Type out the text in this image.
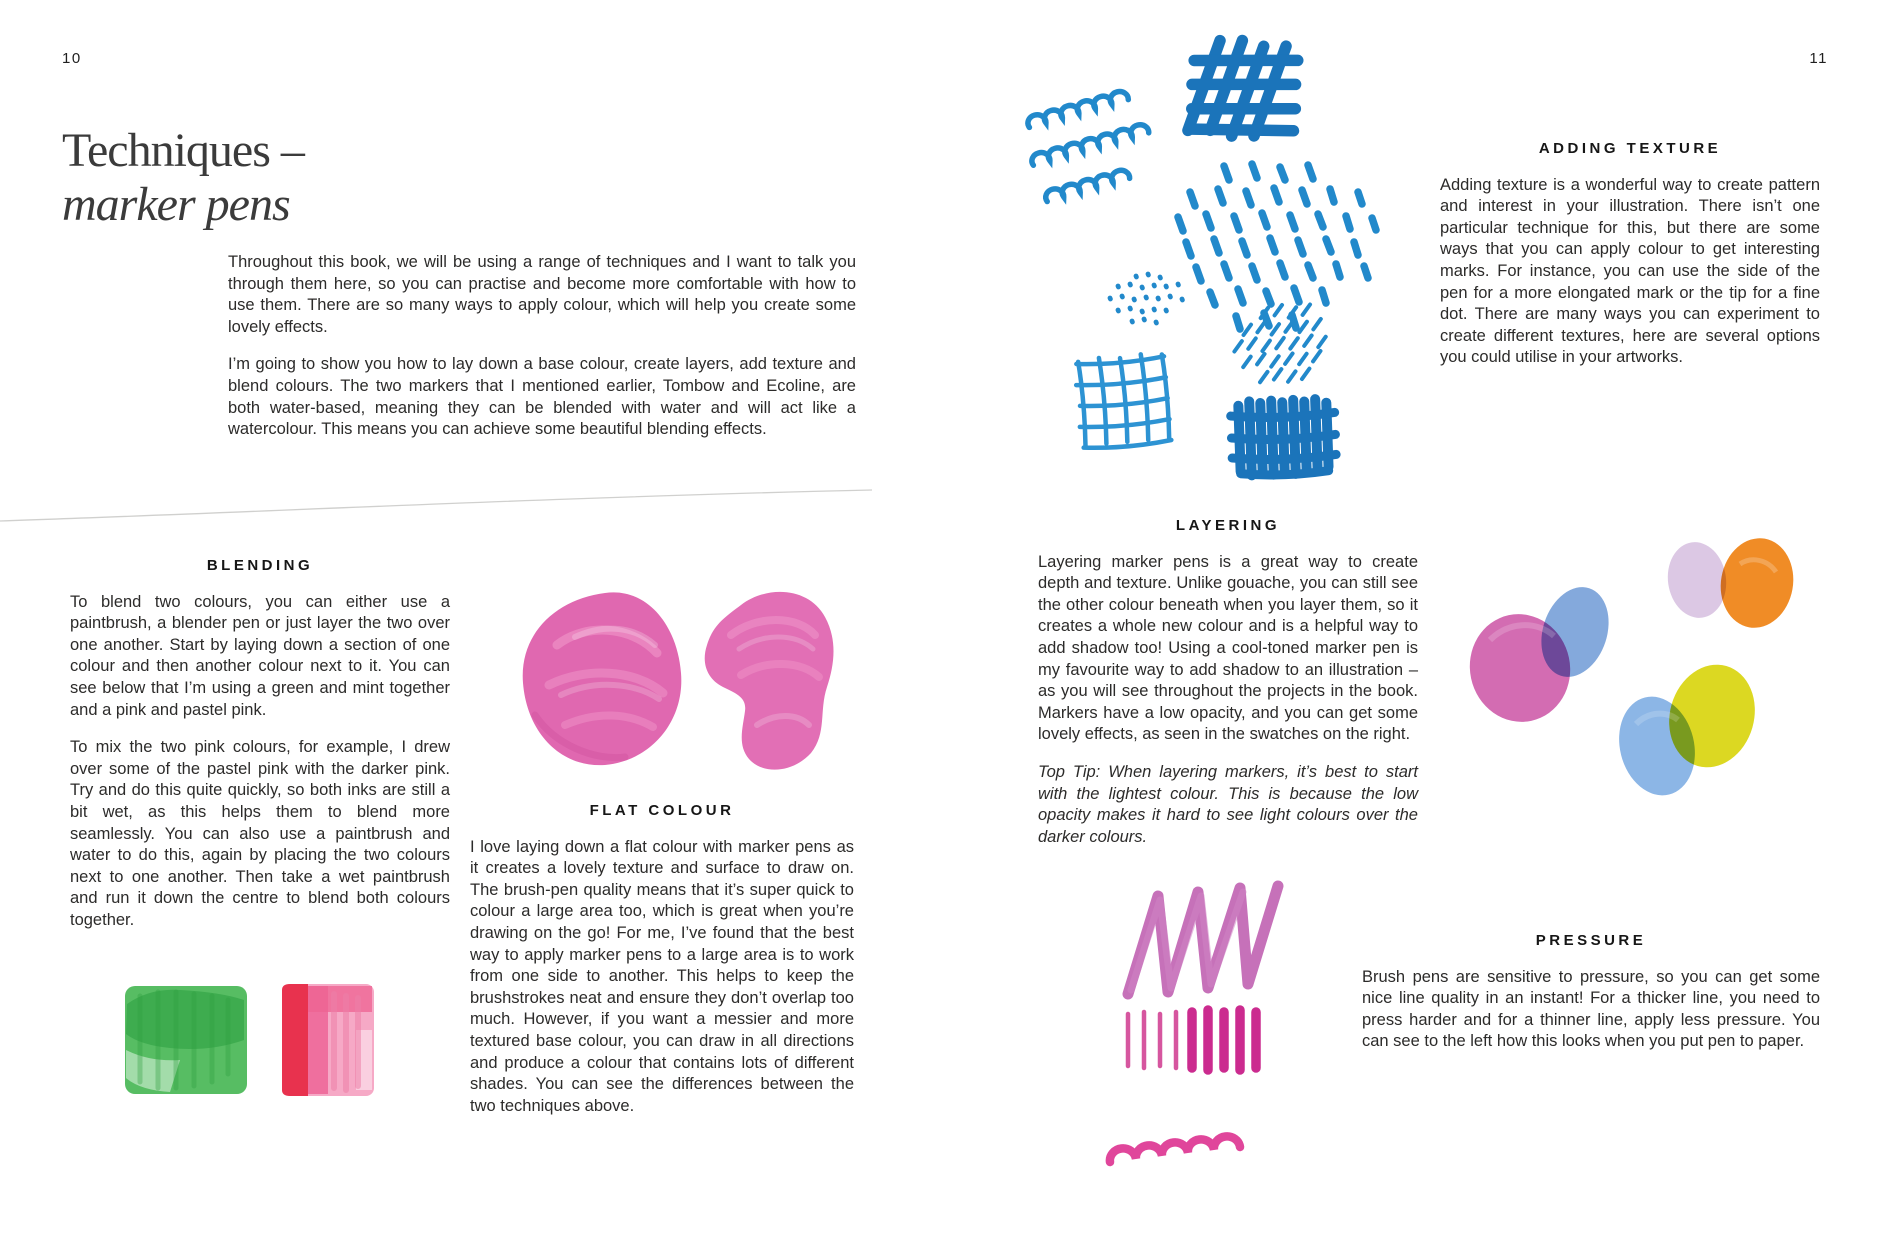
10
Techniques –
marker pens

Throughout this book, we will be using a range of techniques and I want to talk you through them here, so you can practise and become more comfortable with how to use them. There are so many ways to apply colour, which will help you create some lovely effects.

I’m going to show you how to lay down a base colour, create layers, add texture and blend colours. The two markers that I mentioned earlier, Tombow and Ecoline, are both water-based, meaning they can be blended with water and will act like a watercolour. This means you can achieve some beautiful blending effects.

BLENDING

To blend two colours, you can either use a paintbrush, a blender pen or just layer the two over one another. Start by laying down a section of one colour and then another colour next to it. You can see below that I’m using a green and mint together and a pink and pastel pink.

To mix the two pink colours, for example, I drew over some of the pastel pink with the darker pink. Try and do this quite quickly, so both inks are still a bit wet, as this helps them to blend more seamlessly. You can also use a paintbrush and water to do this, again by placing the two colours next to one another. Then take a wet paintbrush and run it down the centre to blend both colours together.

FLAT COLOUR

I love laying down a flat colour with marker pens as it creates a lovely texture and surface to draw on. The brush-pen quality means that it’s super quick to colour a large area too, which is great when you’re drawing on the go! For me, I’ve found that the best way to apply marker pens to a large area is to work from one side to another. This helps to keep the brushstrokes neat and ensure they don’t overlap too much. However, if you want a messier and more textured base colour, you can draw in all directions and produce a colour that contains lots of different shades. You can see the differences between the two techniques above.

11
ADDING TEXTURE

Adding texture is a wonderful way to create pattern and interest in your illustration. There isn’t one particular technique for this, but there are some ways that you can apply colour to get interesting marks. For instance, you can use the side of the pen for a more elongated mark or the tip for a fine dot. There are many ways you can experiment to create different textures, here are several options you could utilise in your artworks.

LAYERING

Layering marker pens is a great way to create depth and texture. Unlike gouache, you can still see the other colour beneath when you layer them, so it creates a whole new colour and is a helpful way to add shadow too! Using a cool-toned marker pen is my favourite way to add shadow to an illustration – as you will see throughout the projects in the book. Markers have a low opacity, and you can get some lovely effects, as seen in the swatches on the right.

Top Tip: When layering markers, it’s best to start with the lightest colour. This is because the low opacity makes it hard to see light colours over the darker colours.

PRESSURE

Brush pens are sensitive to pressure, so you can get some nice line quality in an instant! For a thicker line, you need to press harder and for a thinner line, apply less pressure. You can see to the left how this looks when you put pen to paper.
